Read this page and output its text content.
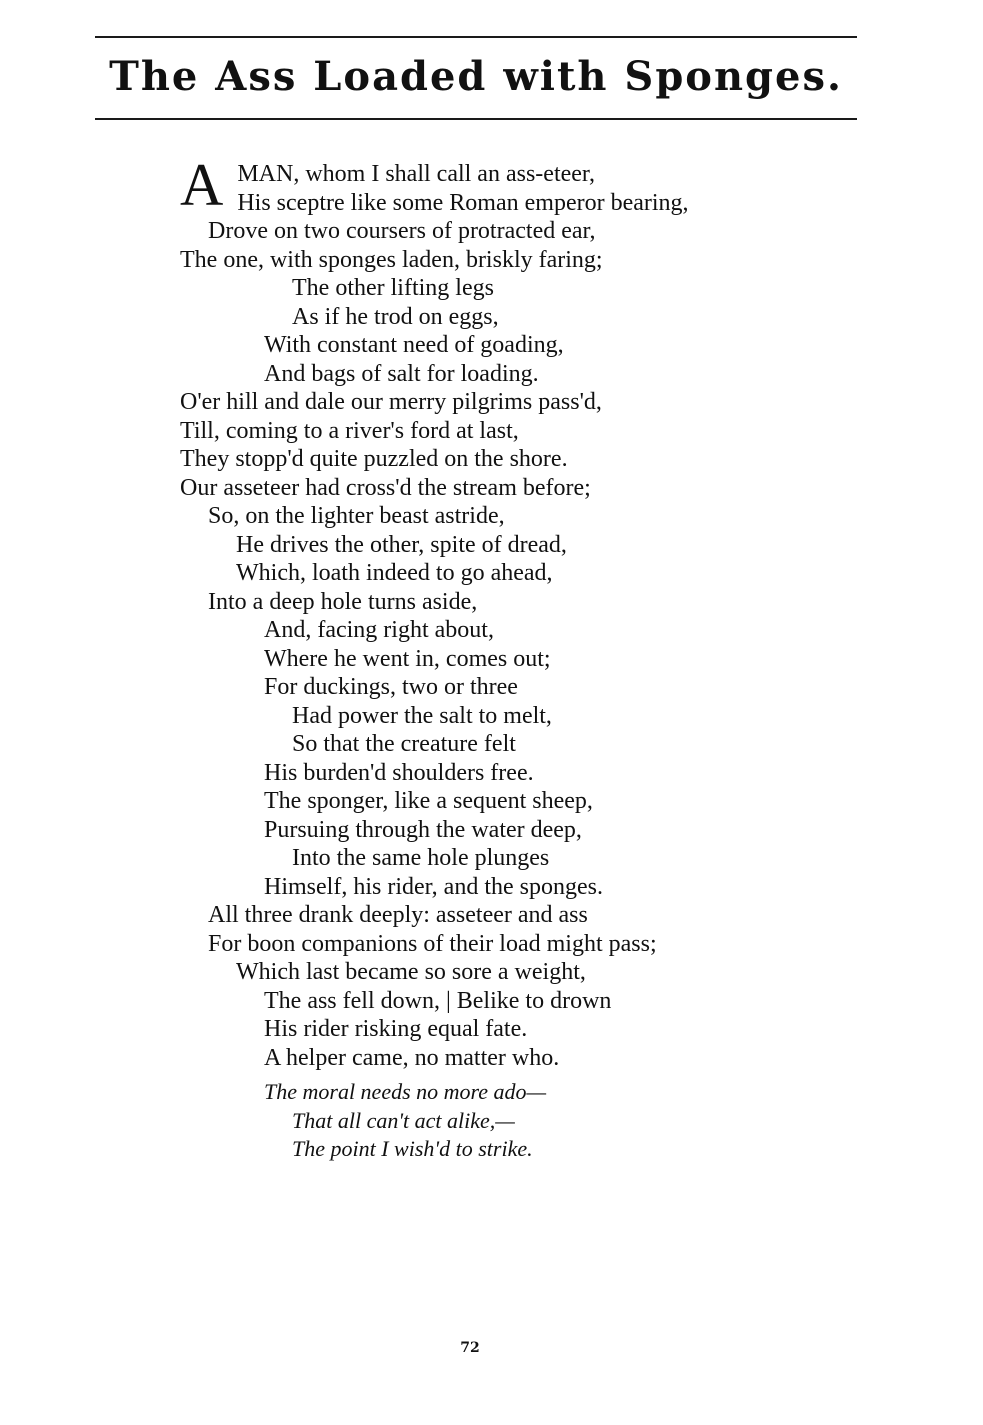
The Ass Loaded with Sponges.
A MAN, whom I shall call an ass-eteer,
His sceptre like some Roman emperor bearing,
Drove on two coursers of protracted ear,
The one, with sponges laden, briskly faring;
The other lifting legs
As if he trod on eggs,
With constant need of goading,
And bags of salt for loading.
O'er hill and dale our merry pilgrims pass'd,
Till, coming to a river's ford at last,
They stopp'd quite puzzled on the shore.
Our asseteer had cross'd the stream before;
So, on the lighter beast astride,
He drives the other, spite of dread,
Which, loath indeed to go ahead,
Into a deep hole turns aside,
And, facing right about,
Where he went in, comes out;
For duckings, two or three
Had power the salt to melt,
So that the creature felt
His burden'd shoulders free.
The sponger, like a sequent sheep,
Pursuing through the water deep,
Into the same hole plunges
Himself, his rider, and the sponges.
All three drank deeply: asseteer and ass
For boon companions of their load might pass;
Which last became so sore a weight,
The ass fell down, | Belike to drown
His rider risking equal fate.
A helper came, no matter who.
The moral needs no more ado—
That all can't act alike,—
The point I wish'd to strike.
72
